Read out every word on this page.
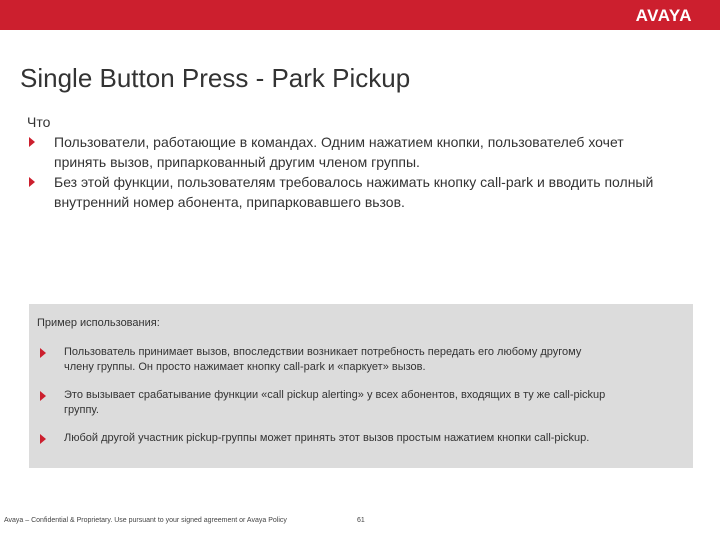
AVAYA
Single Button Press - Park Pickup

Что

Пользователи, работающие в командах. Одним нажатием кнопки, пользователеб хочет принять вызов, припаркованный другим членом группы.
Без этой функции, пользователям требовалось нажимать кнопку call-park и вводить полный внутренний номер абонента, припарковавшего вьзов.
Пример использования:
Пользователь принимает вызов, впоследствии возникает потребность передать его любому другому члену группы. Он просто нажимает кнопку call-park и «паркует» вызов.
Это вызывает срабатывание функции «call pickup alerting» у всех абонентов, входящих в ту же call-pickup группу.
Любой другой участник pickup-группы может принять этот вызов простым нажатием кнопки call-pickup.
Avaya – Confidential & Proprietary. Use pursuant to your signed agreement or Avaya Policy	61
